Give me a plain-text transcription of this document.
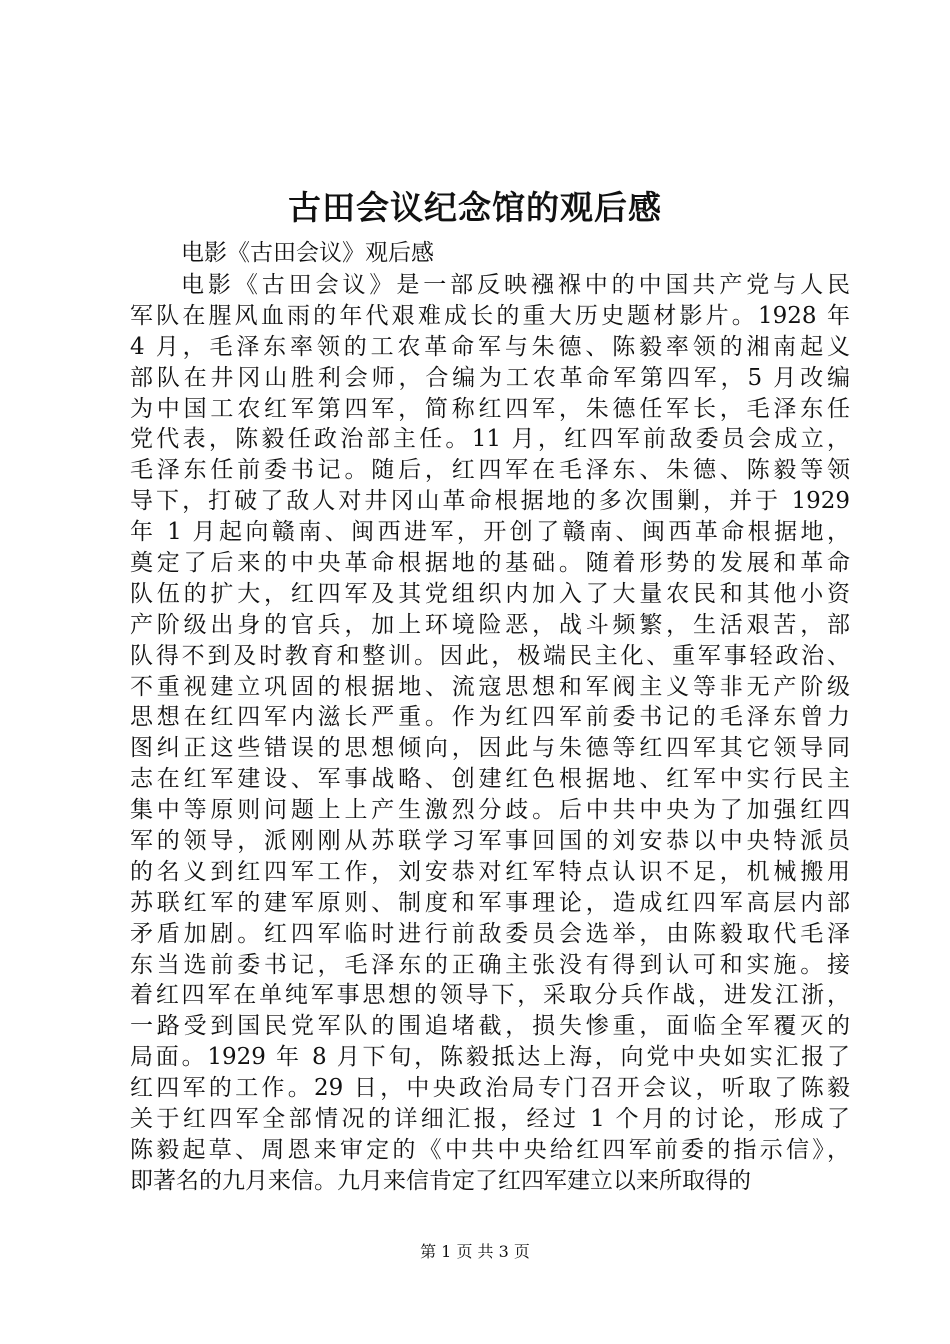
古田会议纪念馆的观后感
电影《古田会议》观后感
电影《古田会议》是一部反映襁褓中的中国共产党与人民
军队在腥风血雨的年代艰难成长的重大历史题材影片。1928 年
4 月，毛泽东率领的工农革命军与朱德、陈毅率领的湘南起义
部队在井冈山胜利会师，合编为工农革命军第四军，5 月改编
为中国工农红军第四军，简称红四军，朱德任军长，毛泽东任
党代表，陈毅任政治部主任。11 月，红四军前敌委员会成立，
毛泽东任前委书记。随后，红四军在毛泽东、朱德、陈毅等领
导下，打破了敌人对井冈山革命根据地的多次围剿，并于 1929
年 1 月起向赣南、闽西进军，开创了赣南、闽西革命根据地，
奠定了后来的中央革命根据地的基础。随着形势的发展和革命
队伍的扩大，红四军及其党组织内加入了大量农民和其他小资
产阶级出身的官兵，加上环境险恶，战斗频繁，生活艰苦，部
队得不到及时教育和整训。因此，极端民主化、重军事轻政治、
不重视建立巩固的根据地、流寇思想和军阀主义等非无产阶级
思想在红四军内滋长严重。作为红四军前委书记的毛泽东曾力
图纠正这些错误的思想倾向，因此与朱德等红四军其它领导同
志在红军建设、军事战略、创建红色根据地、红军中实行民主
集中等原则问题上上产生激烈分歧。后中共中央为了加强红四
军的领导，派刚刚从苏联学习军事回国的刘安恭以中央特派员
的名义到红四军工作，刘安恭对红军特点认识不足，机械搬用
苏联红军的建军原则、制度和军事理论，造成红四军高层内部
矛盾加剧。红四军临时进行前敌委员会选举，由陈毅取代毛泽
东当选前委书记，毛泽东的正确主张没有得到认可和实施。接
着红四军在单纯军事思想的领导下，采取分兵作战，进发江浙，
一路受到国民党军队的围追堵截，损失惨重，面临全军覆灭的
局面。1929 年 8 月下旬，陈毅抵达上海，向党中央如实汇报了
红四军的工作。29 日，中央政治局专门召开会议，听取了陈毅
关于红四军全部情况的详细汇报，经过 1 个月的讨论，形成了
陈毅起草、周恩来审定的《中共中央给红四军前委的指示信》，
即著名的九月来信。九月来信肯定了红四军建立以来所取得的
第 1 页 共 3 页
